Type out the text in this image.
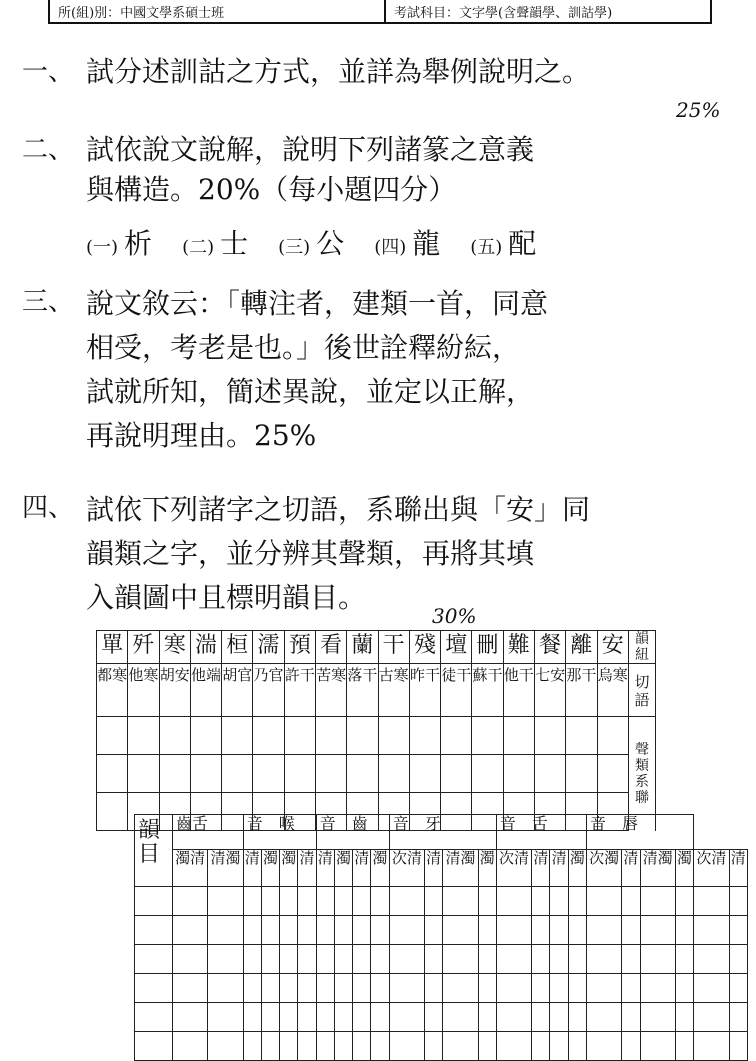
所(組)別：中國文學系碩士班	考試科目：文字學(含聲韻學、訓詁學)
一、 試分述訓詁之方式，並詳為舉例說明之。
25%
二、 試依說文說解，說明下列諸篆之意義
與構造。20%（每小題四分）
(一) 析 (二) 士 (三) 公 (四) 龍 (五) 配
三、 說文敘云：「轉注者，建類一首，同意
相受，考老是也。」後世詮釋紛紜，
試就所知，簡述異說，並定以正解，
再說明理由。25%
四、 試依下列諸字之切語，系聯出與「安」同
韻類之字，並分辨其聲類，再將其填
入韻圖中且標明韻目。
30%
單	歼	寒	湍	桓	濡	預	看	蘭	干	殘	壇	刪	難	餐	離	安	韻紐
都寒	他寒	胡安	他端	胡官	乃官	許干	苦寒	落干	古寒	昨干	徒干	蘇干	他干	七安	那干	烏寒	切語
																	聲類系聯

韻目	齒舌		音　喉				音　齒				音　牙				音　舌				音　唇					
	濁清	清濁	清	濁	濁	清	清	濁	清	濁	次清	清	清濁	濁	次清	清	清	濁	次濁	清	清濁	濁	次清	清
